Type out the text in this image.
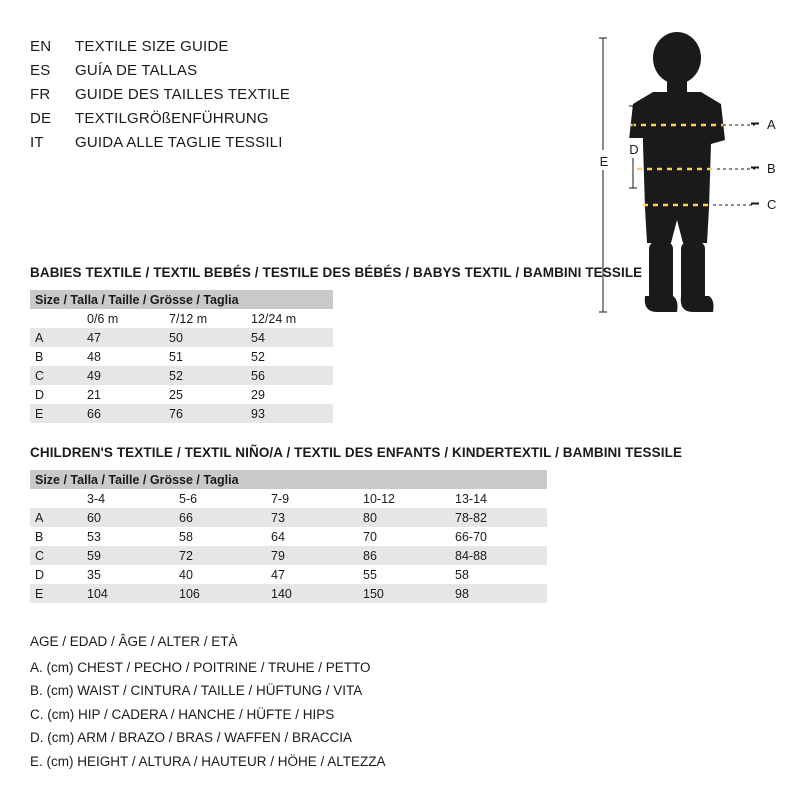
EN	TEXTILE SIZE GUIDE
ES	GUÍA DE TALLAS
FR	GUIDE DES TAILLES TEXTILE
DE	TEXTILGRÖßENFÜHRUNG
IT	GUIDA ALLE TAGLIE TESSILI
E
D
A
B
C
BABIES TEXTILE / TEXTIL BEBÉS / TESTILE DES BÉBÉS / BABYS TEXTIL / BAMBINI TESSILE
Size / Talla / Taille / Grösse / Taglia			
	0/6 m	7/12 m	12/24 m
A	47	50	54
B	48	51	52
C	49	52	56
D	21	25	29
E	66	76	93
CHILDREN'S TEXTILE / TEXTIL NIÑO/A / TEXTIL DES ENFANTS / KINDERTEXTIL / BAMBINI TESSILE
Size / Talla / Taille / Grösse / Taglia					
	3-4	5-6	7-9	10-12	13-14
A	60	66	73	80	78-82
B	53	58	64	70	66-70
C	59	72	79	86	84-88
D	35	40	47	55	58
E	104	106	140	150	98
AGE / EDAD / ÂGE / ALTER / ETÀ
A. (cm) CHEST / PECHO / POITRINE / TRUHE / PETTO
B. (cm) WAIST / CINTURA / TAILLE / HÜFTUNG / VITA
C. (cm) HIP / CADERA / HANCHE / HÜFTE / HIPS
D. (cm) ARM / BRAZO / BRAS / WAFFEN / BRACCIA
E. (cm) HEIGHT / ALTURA / HAUTEUR / HÖHE / ALTEZZA
